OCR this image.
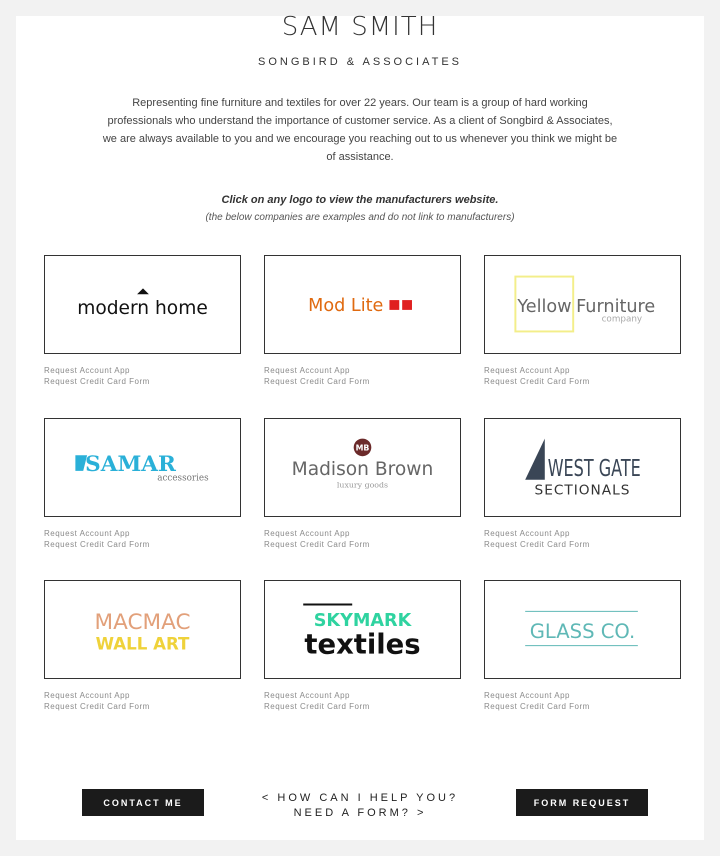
SAM SMITH
SONGBIRD & ASSOCIATES

Representing fine furniture and textiles for over 22 years. Our team is a group of hard working professionals who understand the importance of customer service. As a client of Songbird & Associates, we are always available to you and we encourage you reaching out to us whenever you think we might be of assistance.

Click on any logo to view the manufacturers website.
(the below companies are examples and do not link to manufacturers)
modern home
Request Account App
Request Credit Card Form
Mod Lite
Request Account App
Request Credit Card Form
Yellow Furniture
company
Request Account App
Request Credit Card Form
SAMAR
accessories
Request Account App
Request Credit Card Form
MB
Madison Brown
luxury goods
Request Account App
Request Credit Card Form
WEST GATE
SECTIONALS
Request Account App
Request Credit Card Form
MACMAC
WALL ART
Request Account App
Request Credit Card Form
SKYMARK
textiles
Request Account App
Request Credit Card Form
GLASS CO.
Request Account App
Request Credit Card Form
CONTACT ME	< HOW CAN I HELP YOU?
NEED A FORM? >
FORM REQUEST
